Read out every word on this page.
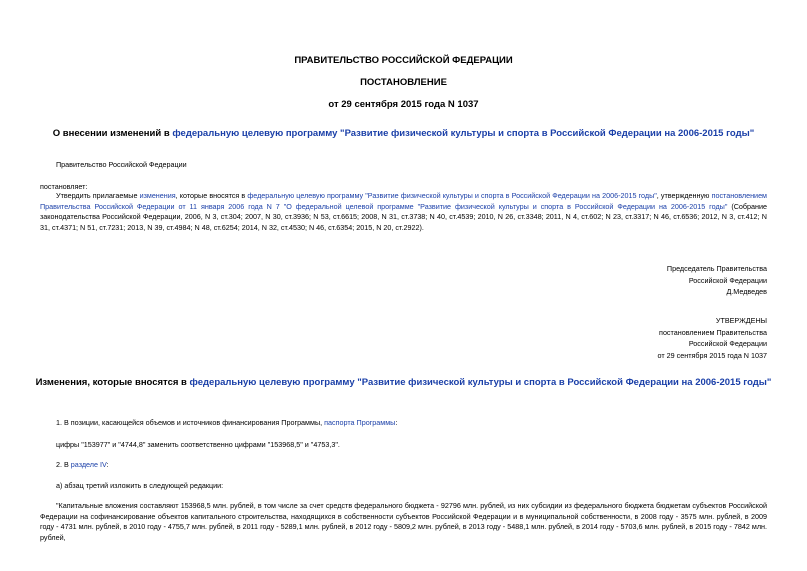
ПРАВИТЕЛЬСТВО РОССИЙСКОЙ ФЕДЕРАЦИИ
ПОСТАНОВЛЕНИЕ
от 29 сентября 2015 года N 1037
О внесении изменений в федеральную целевую программу "Развитие физической культуры и спорта в Российской Федерации на 2006-2015 годы"
Правительство Российской Федерации
постановляет:
Утвердить прилагаемые изменения, которые вносятся в федеральную целевую программу "Развитие физической культуры и спорта в Российской Федерации на 2006-2015 годы", утвержденную постановлением Правительства Российской Федерации от 11 января 2006 года N 7 "О федеральной целевой программе "Развитие физической культуры и спорта в Российской Федерации на 2006-2015 годы" (Собрание законодательства Российской Федерации, 2006, N 3, ст.304; 2007, N 30, ст.3936; N 53, ст.6615; 2008, N 31, ст.3738; N 40, ст.4539; 2010, N 26, ст.3348; 2011, N 4, ст.602; N 23, ст.3317; N 46, ст.6536; 2012, N 3, ст.412; N 31, ст.4371; N 51, ст.7231; 2013, N 39, ст.4984; N 48, ст.6254; 2014, N 32, ст.4530; N 46, ст.6354; 2015, N 20, ст.2922).
Председатель Правительства
Российской Федерации
Д.Медведев
УТВЕРЖДЕНЫ
постановлением Правительства
Российской Федерации
от 29 сентября 2015 года N 1037
Изменения, которые вносятся в федеральную целевую программу "Развитие физической культуры и спорта в Российской Федерации на 2006-2015 годы"
1. В позиции, касающейся объемов и источников финансирования Программы, паспорта Программы:
цифры "153977" и "4744,8" заменить соответственно цифрами "153968,5" и "4753,3".
2. В разделе IV:
а) абзац третий изложить в следующей редакции:
"Капитальные вложения составляют 153968,5 млн. рублей, в том числе за счет средств федерального бюджета - 92796 млн. рублей, из них субсидии из федерального бюджета бюджетам субъектов Российской Федерации на софинансирование объектов капитального строительства, находящихся в собственности субъектов Российской Федерации и в муниципальной собственности, в 2008 году - 3575 млн. рублей, в 2009 году - 4731 млн. рублей, в 2010 году - 4755,7 млн. рублей, в 2011 году - 5289,1 млн. рублей, в 2012 году - 5809,2 млн. рублей, в 2013 году - 5488,1 млн. рублей, в 2014 году - 5703,6 млн. рублей, в 2015 году - 7842 млн. рублей,
